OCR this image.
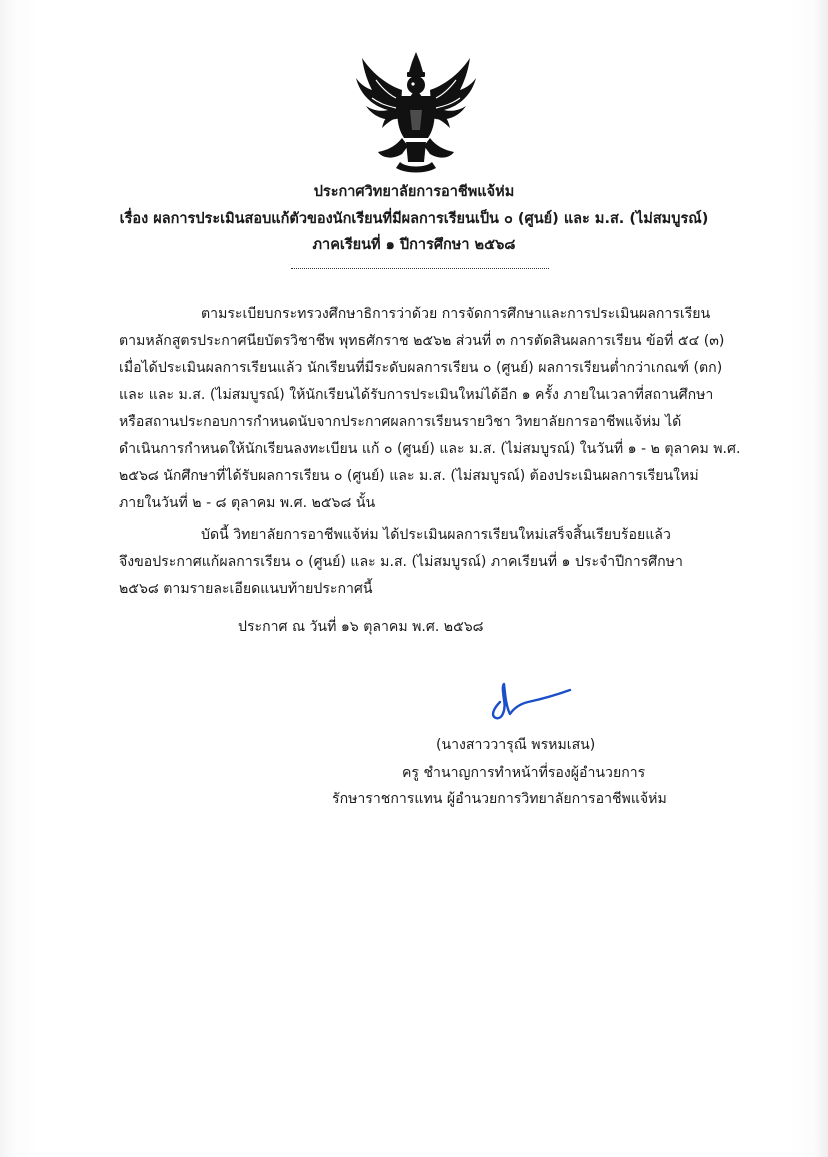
ประกาศวิทยาลัยการอาชีพแจ้ห่ม
เรื่อง ผลการประเมินสอบแก้ตัวของนักเรียนที่มีผลการเรียนเป็น ๐ (ศูนย์) และ ม.ส. (ไม่สมบูรณ์)
ภาคเรียนที่ ๑ ปีการศึกษา ๒๕๖๘
ตามระเบียบกระทรวงศึกษาธิการว่าด้วย การจัดการศึกษาและการประเมินผลการเรียน
ตามหลักสูตรประกาศนียบัตรวิชาชีพ พุทธศักราช ๒๕๖๒ ส่วนที่ ๓ การตัดสินผลการเรียน ข้อที่ ๕๔ (๓)
เมื่อได้ประเมินผลการเรียนแล้ว นักเรียนที่มีระดับผลการเรียน ๐ (ศูนย์) ผลการเรียนต่ำกว่าเกณฑ์ (ตก)
และ และ ม.ส. (ไม่สมบูรณ์) ให้นักเรียนได้รับการประเมินใหม่ได้อีก ๑ ครั้ง ภายในเวลาที่สถานศึกษา
หรือสถานประกอบการกำหนดนับจากประกาศผลการเรียนรายวิชา วิทยาลัยการอาชีพแจ้ห่ม ได้
ดำเนินการกำหนดให้นักเรียนลงทะเบียน แก้ ๐ (ศูนย์) และ ม.ส. (ไม่สมบูรณ์) ในวันที่ ๑ - ๒ ตุลาคม พ.ศ.
๒๕๖๘ นักศึกษาที่ได้รับผลการเรียน ๐ (ศูนย์) และ ม.ส. (ไม่สมบูรณ์) ต้องประเมินผลการเรียนใหม่
ภายในวันที่ ๒ - ๘ ตุลาคม พ.ศ. ๒๕๖๘ นั้น
บัดนี้ วิทยาลัยการอาชีพแจ้ห่ม ได้ประเมินผลการเรียนใหม่เสร็จสิ้นเรียบร้อยแล้ว
จึงขอประกาศแก้ผลการเรียน ๐ (ศูนย์) และ ม.ส. (ไม่สมบูรณ์) ภาคเรียนที่ ๑ ประจำปีการศึกษา
๒๕๖๘ ตามรายละเอียดแนบท้ายประกาศนี้
ประกาศ ณ วันที่ ๑๖ ตุลาคม พ.ศ. ๒๕๖๘
(นางสาววารุณี พรหมเสน)
ครู ชำนาญการทำหน้าที่รองผู้อำนวยการ
รักษาราชการแทน ผู้อำนวยการวิทยาลัยการอาชีพแจ้ห่ม
